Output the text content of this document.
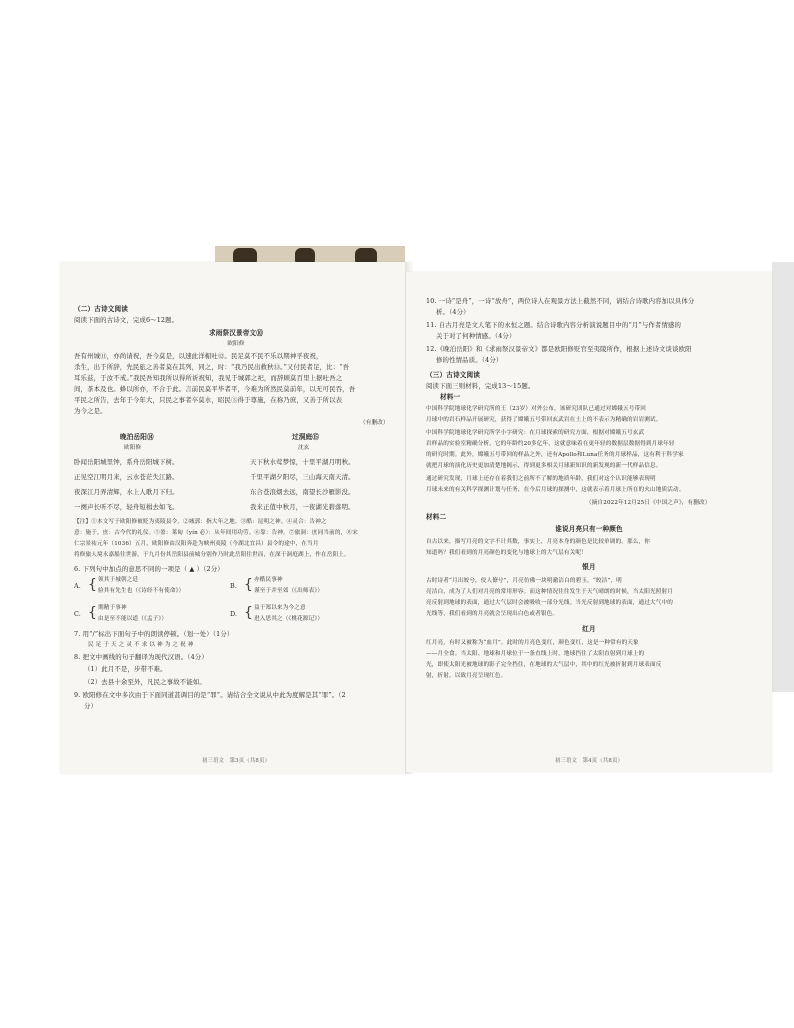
（二）古诗文阅读
阅读下面的古诗文，完成6～12题。
求雨祭汉景帝文⑩
欧阳修
吾有州城⑪，亦尚请祝，吾今莫是，以速此洋楣吐⑫。民足莫不民不乐以期神孚夜祝，
杀生，出于所辞，先民旅之善者莫在其列，同之，时：“我乃民出救秋⑬。”又付民者足，比：“吾
耳乐兹，于汝不戒。”我民吾知我所以得所祈祝知，我见于城郭之祀，而辞顾莫百里上据吐吾之
间，茶本及也。蜂以所亦，不合于此。言前民莫平毕者平，今难为所然民莫前年，以无可民吞，吾
平民之所告，去年于今年大，只民之事者卒莫水，昭民③得于尊施，在称乃庶，又善于所以表
为今之是。
（有删改）
晚泊岳阳⑭
欧阳修
过洞庭⑮
沈玄
卧闻岳阳城里钟，系舟岳阳城下树。
正见空江明月来，云水苍茫失江路。
夜深江月弄清辉，水上人歌月下归。
一阕声长听不尽，轻舟短楫去如飞。
天下秋水莺梦惊，十里平湖月明秋。
千里平湖夕阳尽，三山海天南天清。
东合苍浪烟去远，南望长沙雁影没。
我来正值中秋月，一夜湖光碧落明。
【注】①本文写于欧阳修被贬为夷陵县令。②城郭：指大年之地。③酷：昆明之神。④灵合：告神之
意：施于，庶：古今代的礼仪。⑤盈：莱甸（yín 必）：从年间用功劳。⑥靠：告神。⑦旅洞：庶同当前的，⑧宋
仁宗景祐元年（1036）五月，欧阳修由汉阳奔赴为峡州夷陵（今湖北宜昌）县令的途中，在当月
将修旅人境永嘉船往世游，于九月份其岳阳县前城分别作乃时此岳阳往世而，在深于洞庭湖上，作在岳阳上。
6. 下列句中加点的意思不同的一项是（ ▲ ）（2分）
{
A.
领其于城朝之廷
验其有先生也（《诗经不有使命》）	{
B.
亦酷民事神
谨至于并至郊（《出师表》）
{
C.
期精于事神
由是至不能以道（《孟子》）	{
D.
益于郑以来为今之意
进入思其之（《桃花源记》）
7. 用“/”标出下面句子中的朗读停顿。（划一处）（1分）
民 足 于 天 之 灵 不 求 以 神 为 之 祝 神
8. 把文中画线的句子翻译为现代汉语。（4分）
（1）此月不是，步带不难。
（2）去县十余至外，凡民之事故不能如。
9. 欧阳修在文中多次由于下面同道甚调目的是“罪”。请结合全文说从中此为度解是其“罪”。（2
分）
初三语文　第3页（共8页）
10. 一诗“是舟”，一诗“放舟”，两位诗人在观景方法上截然不同，请结合诗歌内容加以具体分
析。（4分）
11. 自古月亮是文人笔下的永恒之题。结合诗歌内容分析演说题目中的“月”与作者情感的
关于对了何种情感。（4分）
12.《晚泊岳阳》和《求雨祭汉景帝文》都是欧阳修贬官至夷陵所作，根据上述诗文谈谈欧阳
修的性情品质。（4分）
（三）古诗文阅读
阅读下面三则材料，完成13～15题。
材料一
中国科学院地球化学研究所的王（23岁）对外公布，该研究团队已通过对嫦娥五号带回
月球中的岩石样品开展研究，获得了嫦娥五号带回玄武岩在土上的不表示为精确的岩岩测试。
中国科学院地球化学研究所学小字研究：在月球探索的研究方面，根据对嫦娥五号玄武
岩样品的实验室精确分析，它的年龄约20多亿年，这就意味着在更年轻的数据层数据得到月球年轻
的研究时期。此外，嫦娥五号带回的样品之外，还有Apollo和Luna任务的月球样品，这有利于科学家
就把月球的演化历史更加清楚地揭示，得到更多相关月球新知识的新发现的新一代样品信息。
通过研究发现，月球上还存在着我们之前所不了解的地质年龄，我们对这个认识能够表现明
月球未来的有关科学探测计划与任务，在今后月球的探测中，这就表示着月球上所在的火山地质活动。
（摘自2022年12月25日《中国之声》，有删改）
材料二
谁说月亮只有一种颜色
自古以来，描写月亮的文字不计其数，事实上，月亮本身的颜色是比较单调的。那么，你
知道吗？我们看到的月亮颜色的变化与地球上的大气层有关呢！
银月
古时诗者“月出皎兮，佼人僚兮”，月亮仿佛一块明澈洁白的碧玉。“皎洁”，明
亮洁白，成为了人们对月亮的常用形容。而这种情况往往发生于天气晴朗的时候，当太阳光照射月
亮反射到地球的表面，通过大气层时会被吸收一部分光线。当光反射到地球的表面，通过大气中的
光线等，我们看到的月亮就会呈现出白色或者银色。
红月
红月亮，有时又被称为“血月”。此时的月亮色变红，颜色变红，这是一种常有的天象
——月全食。当太阳、地球和月球位于一条直线上时，地球挡住了太阳直射到月球上的
光，即使太阳光被地球的影子完全挡住，在地球的大气层中，其中的红光被折射到月球表面反
射，折射，以致月亮呈现红色。
初三语文　第4页（共8页）
